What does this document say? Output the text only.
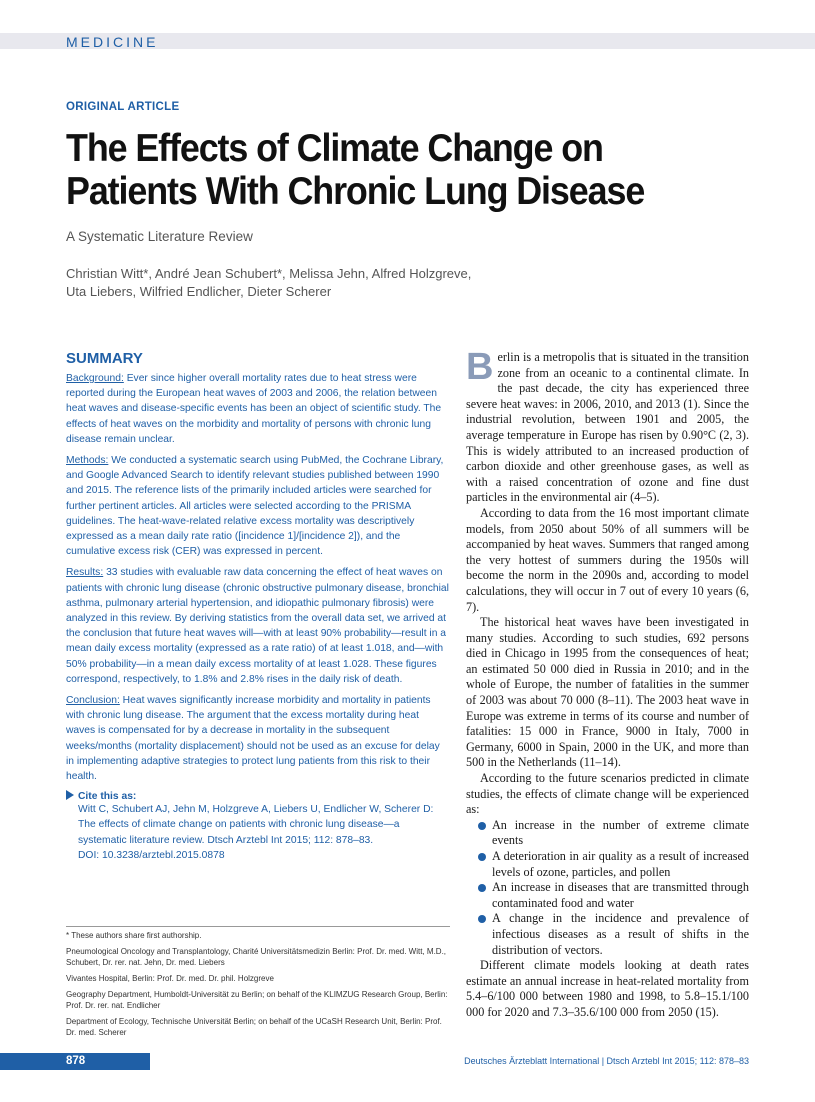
MEDICINE
ORIGINAL ARTICLE
The Effects of Climate Change on Patients With Chronic Lung Disease
A Systematic Literature Review
Christian Witt*, André Jean Schubert*, Melissa Jehn, Alfred Holzgreve,
Uta Liebers, Wilfried Endlicher, Dieter Scherer
SUMMARY

Background: Ever since higher overall mortality rates due to heat stress were reported during the European heat waves of 2003 and 2006, the relation between heat waves and disease-specific events has been an object of scientific study. The effects of heat waves on the morbidity and mortality of persons with chronic lung disease remain unclear.

Methods: We conducted a systematic search using PubMed, the Cochrane Library, and Google Advanced Search to identify relevant studies published between 1990 and 2015. The reference lists of the primarily included articles were searched for further pertinent articles. All articles were selected according to the PRISMA guidelines. The heat-wave-related relative excess mortality was descriptively expressed as a mean daily rate ratio ([incidence 1]/[incidence 2]), and the cumulative excess risk (CER) was expressed in percent.

Results: 33 studies with evaluable raw data concerning the effect of heat waves on patients with chronic lung disease (chronic obstructive pulmonary disease, bronchial asthma, pulmonary arterial hypertension, and idiopathic pulmonary fibrosis) were analyzed in this review. By deriving statistics from the overall data set, we arrived at the conclusion that future heat waves will—with at least 90% probability—result in a mean daily excess mortality (expressed as a rate ratio) of at least 1.018, and—with 50% probability—in a mean daily excess mortality of at least 1.028. These figures correspond, respectively, to 1.8% and 2.8% rises in the daily risk of death.

Conclusion: Heat waves significantly increase morbidity and mortality in patients with chronic lung disease. The argument that the excess mortality during heat waves is compensated for by a decrease in mortality in the subsequent weeks/months (mortality displacement) should not be used as an excuse for delay in implementing adaptive strategies to protect lung patients from this risk to their health.

Cite this as:
Witt C, Schubert AJ, Jehn M, Holzgreve A, Liebers U, Endlicher W, Scherer D:
The effects of climate change on patients with chronic lung disease—a
systematic literature review. Dtsch Arztebl Int 2015; 112: 878–83.
DOI: 10.3238/arztebl.2015.0878

* These authors share first authorship.

Pneumological Oncology and Transplantology, Charité Universitätsmedizin Berlin: Prof. Dr. med. Witt, M.D., Schubert, Dr. rer. nat. Jehn, Dr. med. Liebers

Vivantes Hospital, Berlin: Prof. Dr. med. Dr. phil. Holzgreve

Geography Department, Humboldt-Universität zu Berlin; on behalf of the KLIMZUG Research Group, Berlin: Prof. Dr. rer. nat. Endlicher

Department of Ecology, Technische Universität Berlin; on behalf of the UCaSH Research Unit, Berlin: Prof. Dr. med. Scherer

Berlin is a metropolis that is situated in the transition zone from an oceanic to a continental climate. In the past decade, the city has experienced three severe heat waves: in 2006, 2010, and 2013 (1). Since the industrial revolution, between 1901 and 2005, the average temperature in Europe has risen by 0.90°C (2, 3). This is widely attributed to an increased production of carbon dioxide and other greenhouse gases, as well as with a raised concentration of ozone and fine dust particles in the environmental air (4–5).

According to data from the 16 most important climate models, from 2050 about 50% of all summers will be accompanied by heat waves. Summers that ranged among the very hottest of summers during the 1950s will become the norm in the 2090s and, according to model calculations, they will occur in 7 out of every 10 years (6, 7).

The historical heat waves have been investigated in many studies. According to such studies, 692 persons died in Chicago in 1995 from the consequences of heat; an estimated 50 000 died in Russia in 2010; and in the whole of Europe, the number of fatalities in the summer of 2003 was about 70 000 (8–11). The 2003 heat wave in Europe was extreme in terms of its course and number of fatalities: 15 000 in France, 9000 in Italy, 7000 in Germany, 6000 in Spain, 2000 in the UK, and more than 500 in the Netherlands (11–14).

According to the future scenarios predicted in climate studies, the effects of climate change will be experienced as:

An increase in the number of extreme climate events
A deterioration in air quality as a result of increased levels of ozone, particles, and pollen
An increase in diseases that are transmitted through contaminated food and water
A change in the incidence and prevalence of infectious diseases as a result of shifts in the distribution of vectors.

Different climate models looking at death rates estimate an annual increase in heat-related mortality from 5.4–6/100 000 between 1980 and 1998, to 5.8–15.1/100 000 for 2020 and 7.3–35.6/100 000 from 2050 (15).

878	Deutsches Ärzteblatt International | Dtsch Arztebl Int 2015; 112: 878–83
